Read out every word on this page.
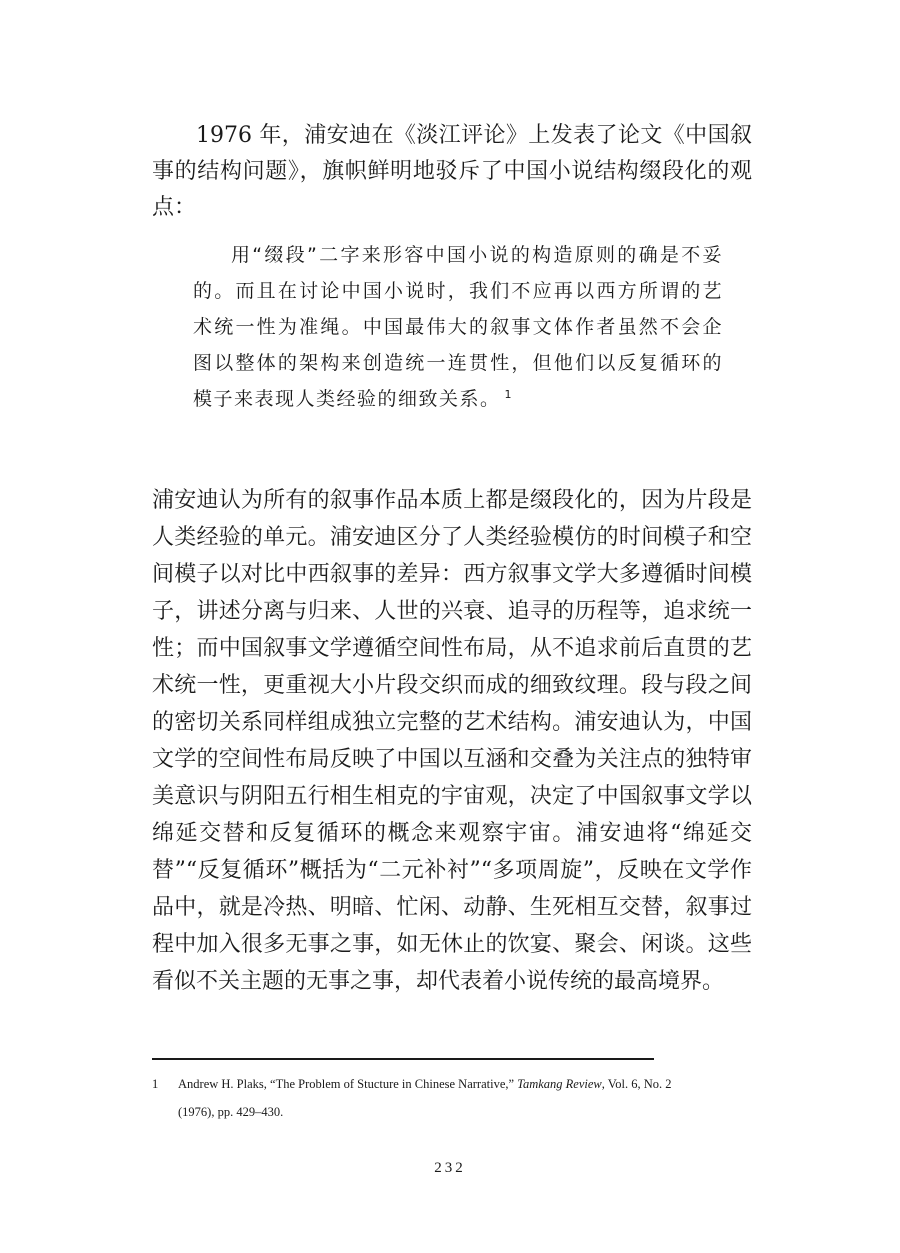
1976 年，浦安迪在《淡江评论》上发表了论文《中国叙事的结构问题》，旗帜鲜明地驳斥了中国小说结构缀段化的观点：

用“缀段”二字来形容中国小说的构造原则的确是不妥的。而且在讨论中国小说时，我们不应再以西方所谓的艺术统一性为准绳。中国最伟大的叙事文体作者虽然不会企图以整体的架构来创造统一连贯性，但他们以反复循环的模子来表现人类经验的细致关系。 $^1$

浦安迪认为所有的叙事作品本质上都是缀段化的，因为片段是人类经验的单元。浦安迪区分了人类经验模仿的时间模子和空间模子以对比中西叙事的差异：西方叙事文学大多遵循时间模子，讲述分离与归来、人世的兴衰、追寻的历程等，追求统一性；而中国叙事文学遵循空间性布局，从不追求前后直贯的艺术统一性，更重视大小片段交织而成的细致纹理。段与段之间的密切关系同样组成独立完整的艺术结构。浦安迪认为，中国文学的空间性布局反映了中国以互涵和交叠为关注点的独特审美意识与阴阳五行相生相克的宇宙观，决定了中国叙事文学以绵延交替和反复循环的概念来观察宇宙。浦安迪将“绵延交替”“反复循环”概括为“二元补衬”“多项周旋”，反映在文学作品中，就是冷热、明暗、忙闲、动静、生死相互交替，叙事过程中加入很多无事之事，如无休止的饮宴、聚会、闲谈。这些看似不关主题的无事之事，却代表着小说传统的最高境界。

1 Andrew H. Plaks, “The Problem of Stucture in Chinese Narrative,” Tamkang Review, Vol. 6, No. 2
(1976), pp. 429–430.

232
